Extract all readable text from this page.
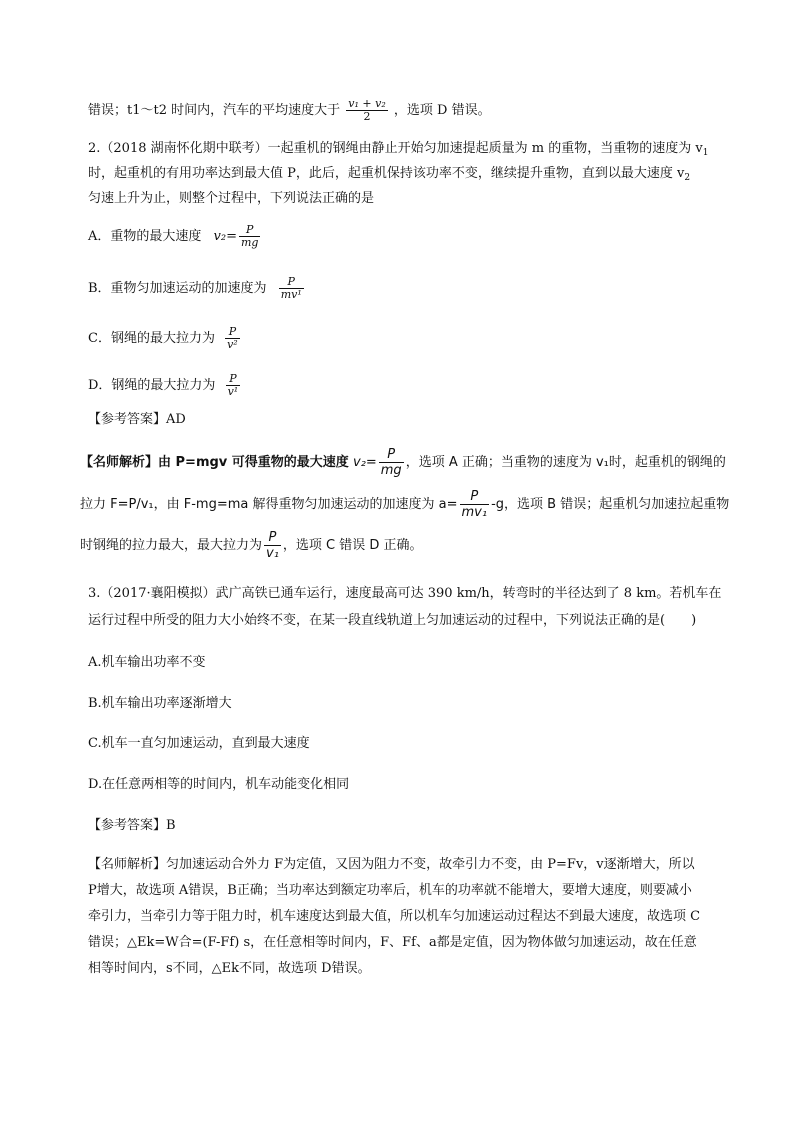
错误；t1～t2 时间内，汽车的平均速度大于 $\frac{\text{v₁ + v₂}}{2}$ ，选项 D 错误。
2.（2018 湖南怀化期中联考）一起重机的钢绳由静止开始匀加速提起质量为 m 的重物，当重物的速度为 $v_1$
时，起重机的有用功率达到最大值 P，此后，起重机保持该功率不变，继续提升重物，直到以最大速度 $v_2$
匀速上升为止，则整个过程中，下列说法正确的是
A．重物的最大速度 $v_2= \frac{P}{mg}$
B．重物匀加速运动的加速度为 $\frac{P}{\text{mv¹}}$
C．钢绳的最大拉力为 $\frac{P}{\text{v²}}$
D．钢绳的最大拉力为 $\frac{P}{\text{v¹}}$
【参考答案】AD
【名师解析】由 P=mgv 可得重物的最大速度 $v_2= \frac{P}{mg}$ ，选项 A 正确；当重物的速度为 v₁时，起重机的钢绳的
拉力 F=P/v₁，由 F-mg=ma 解得重物匀加速运动的加速度为 $a= \frac{P}{\text{mv₁}} -g$，选项 B 错误；起重机匀加速拉起重物
时钢绳的拉力最大，最大拉力为 $\frac{P}{\text{v₁}}$ ，选项 C 错误 D 正确。
3.（2017·襄阳模拟）武广高铁已通车运行，速度最高可达 390 km/h，转弯时的半径达到了 8 km。若机车在
运行过程中所受的阻力大小始终不变，在某一段直线轨道上匀加速运动的过程中，下列说法正确的是(　　)
A.机车输出功率不变
B.机车输出功率逐渐增大
C.机车一直匀加速运动，直到最大速度
D.在任意两相等的时间内，机车动能变化相同
【参考答案】B
【名师解析】匀加速运动合外力 F为定值，又因为阻力不变，故牵引力不变，由 P=Fv，v逐渐增大，所以
P增大，故选项 A错误，B正确；当功率达到额定功率后，机车的功率就不能增大，要增大速度，则要减小
牵引力，当牵引力等于阻力时，机车速度达到最大值，所以机车匀加速运动过程达不到最大速度，故选项 C
错误；△Ek=W合=(F-Ff) s，在任意相等时间内，F、Ff、a都是定值，因为物体做匀加速运动，故在任意
相等时间内，s不同，△Ek不同，故选项 D错误。
